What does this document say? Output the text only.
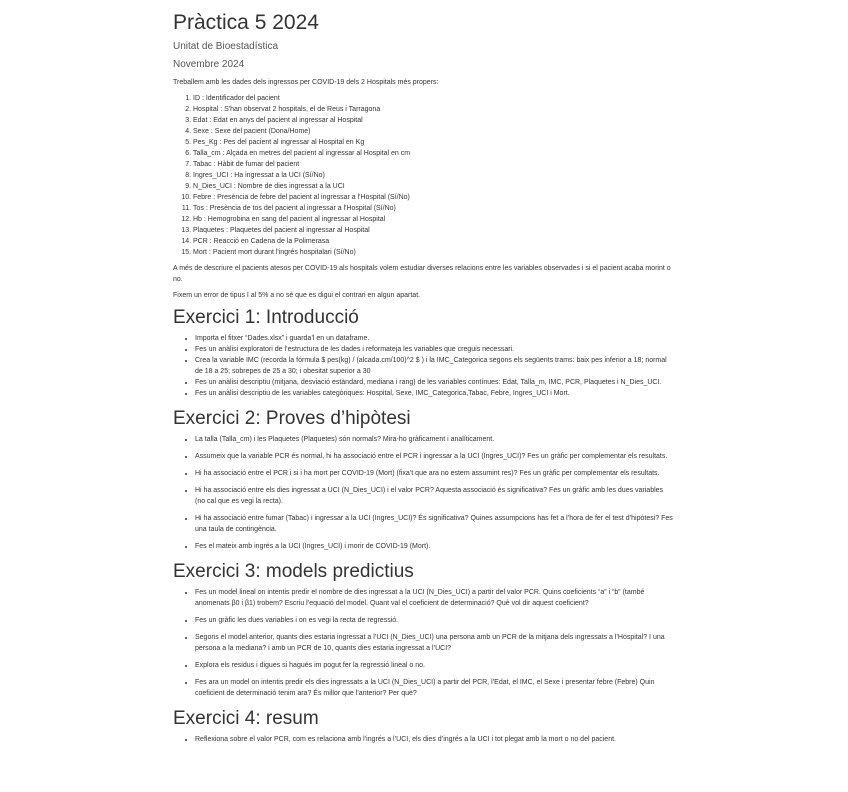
Pràctica 5 2024
Unitat de Bioestadística
Novembre 2024

Treballem amb les dades dels ingressos per COVID-19 dels 2 Hospitals més propers:

1. ID : Identificador del pacient
2. Hospital : S'han observat 2 hospitals, el de Reus i Tarragona
3. Edat : Edat en anys del pacient al ingressar al Hospital
4. Sexe : Sexe del pacient (Dona/Home)
5. Pes_Kg : Pes del pacient al ingressar al Hospital en Kg
6. Talla_cm : Alçada en metres del pacient al ingressar al Hospital en cm
7. Tabac : Hàbit de fumar del pacient
8. Ingres_UCI : Ha ingressat a la UCI (Sí/No)
9. N_Dies_UCI : Nombre de dies ingressat a la UCI
10. Febre : Presència de febre del pacient al ingressar a l'Hospital (Sí/No)
11. Tos : Presència de tos del pacient al ingressar a l'Hospital (Sí/No)
12. Hb : Hemogrobina en sang del pacient al ingressar al Hospital
13. Plaquetes : Plaquetes del pacient al ingressar al Hospital
14. PCR : Reacció en Cadena de la Polimerasa
15. Mort : Pacient mort durant l'ingrés hospitalari (Sí/No)

A més de descriure el pacients atesos per COVID-19 als hospitals volem estudiar diverses relacions entre les variables observades i si el pacient acaba morint o no.

Fixem un error de tipus I al 5% a no sé que es digui el contrari en algun apartat.

Exercici 1: Introducció
• Importa el fitxer “Dades.xlsx” i guarda’l en un dataframe.
• Fes un anàlisi exploratori de l’estructura de les dades i reformateja les variables que creguis necessari.
• Crea la variable IMC (recorda la fórmula $ pes(kg) / (alcada.cm/100)^2 $ ) i la IMC_Categorica segons els següents trams: baix pes inferior a 18; normal de 18 a 25; sobrepes de 25 a 30; i obesitat superior a 30
• Fes un anàlisi descriptiu (mitjana, desviació estàndard, mediana i rang) de les variables contínues: Edat, Talla_m, IMC, PCR, Plaquetes i N_Dies_UCI.
• Fes un anàlisi descriptiu de les variables categòriques: Hospital, Sexe, IMC_Categorica,Tabac, Febre, Ingres_UCI i Mort.
Exercici 2: Proves d’hipòtesi
• La talla (Talla_cm) i les Plaquetes (Plaquetes) són normals? Mira-ho gràficament i analíticament.
• Assumeix que la variable PCR és normal, hi ha associació entre el PCR i ingressar a la UCI (Ingres_UCI)? Fes un gràfic per complementar els resultats.
• Hi ha associació entre el PCR i si i ha mort per COVID-19 (Mort) (fixa’t que ara no estem assumint res)? Fes un gràfic per complementar els resultats.
• Hi ha associació entre els dies ingressat a UCI (N_Dies_UCI) i el valor PCR? Aquesta associació és significativa? Fes un gràfic amb les dues variables (no cal que es vegi la recta).
• Hi ha associació entre fumar (Tabac) i ingressar a la UCI (Ingres_UCI)? És significativa? Quines assumpcions has fet a l’hora de fer el test d’hipòtesi? Fes una taula de contingència.
• Fes el mateix amb ingrés a la UCI (Ingres_UCI) i morir de COVID-19 (Mort).
Exercici 3: models predictius
• Fes un model lineal on intentis predir el nombre de dies ingressat a la UCI (N_Dies_UCI) a partir del valor PCR. Quins coeficients “a” i “b” (també anomenats β0 i β1) trobem? Escriu l’equació del model. Quant val el coeficient de determinació? Què vol dir aquest coeficient?
• Fes un gràfic les dues variables i on es vegi la recta de regressió.
• Segons el model anterior, quants dies estaria ingressat a l’UCI (N_Dies_UCI) una persona amb un PCR de la mitjana dels ingressats a l’Hospital? I una persona a la mediana? i amb un PCR de 10, quants dies estaria ingressat a l’UCI?
• Explora els residus i digues si hagués im pogut fer la regressió lineal o no.
• Fes ara un model on intentis predir els dies ingressats a la UCI (N_Dies_UCI) a partir del PCR, l’Edat, el IMC, el Sexe i presentar febre (Febre) Quin coeficient de determinació tenim ara? És millor que l’anterior? Per què?
Exercici 4: resum
• Reflexiona sobre el valor PCR, com es relaciona amb l’ingrés a l’UCI, els dies d’ingrés a la UCI i tot plegat amb la mort o no del pacient.
